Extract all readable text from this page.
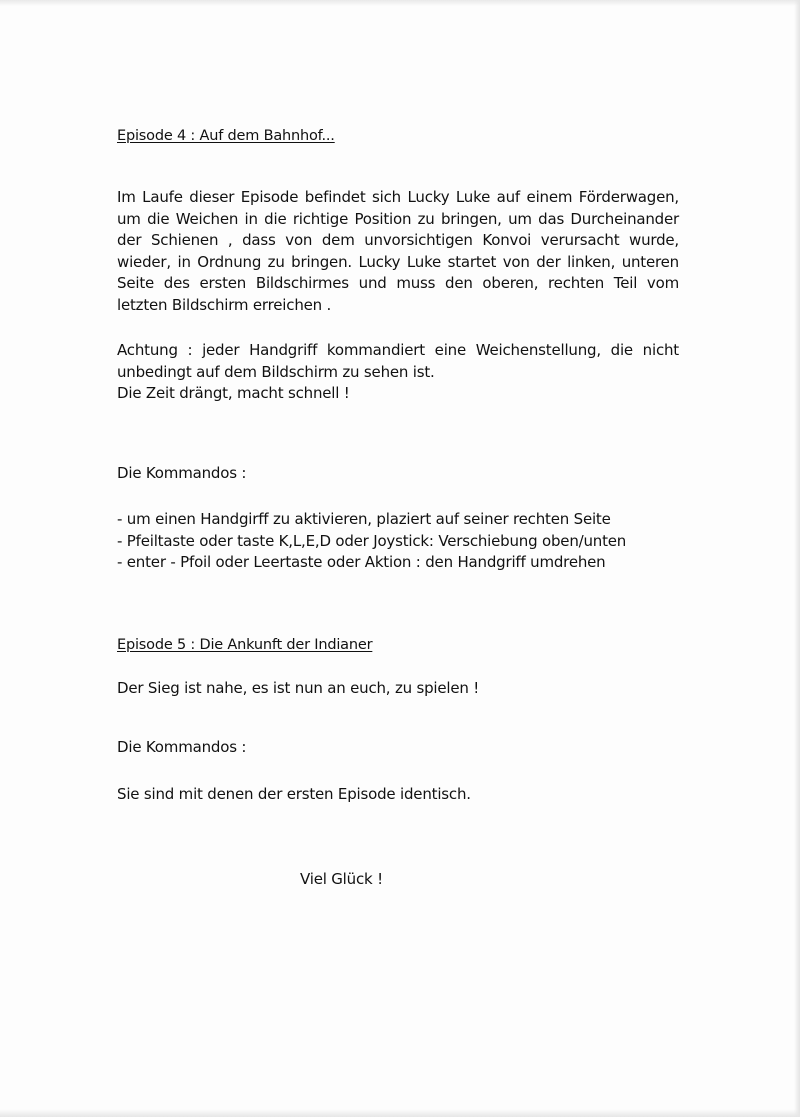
Episode 4 : Auf dem Bahnhof...
Im Laufe dieser Episode befindet sich Lucky Luke auf einem Förderwagen,
um die Weichen in die richtige Position zu bringen, um das Durcheinander
der Schienen , dass von dem unvorsichtigen Konvoi verursacht wurde,
wieder, in Ordnung zu bringen. Lucky Luke startet von der linken, unteren
Seite des ersten Bildschirmes und muss den oberen, rechten Teil vom
letzten Bildschirm erreichen .
Achtung : jeder Handgriff kommandiert eine Weichenstellung, die nicht
unbedingt auf dem Bildschirm zu sehen ist.
Die Zeit drängt, macht schnell !
Die Kommandos :
- um einen Handgirff zu aktivieren, plaziert auf seiner rechten Seite
- Pfeiltaste oder taste K,L,E,D oder Joystick: Verschiebung oben/unten
- enter - Pfoil oder Leertaste oder Aktion : den Handgriff umdrehen
Episode 5 : Die Ankunft der Indianer
Der Sieg ist nahe, es ist nun an euch, zu spielen !
Die Kommandos :
Sie sind mit denen der ersten Episode identisch.
Viel Glück !
